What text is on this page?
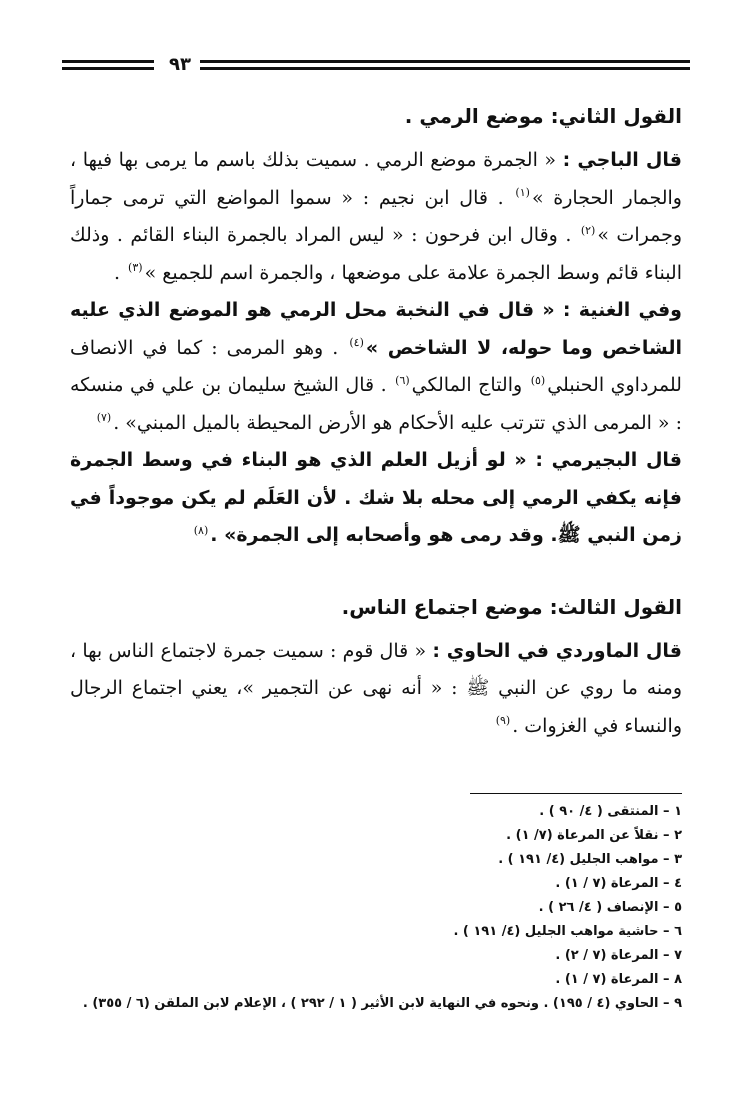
٩٣

القول الثاني: موضع الرمي .

قال الباجي : « الجمرة موضع الرمي . سميت بذلك باسم ما يرمى بها فيها ، والجمار الحجارة »$^{(١)}$ . قال ابن نجيم : « سموا المواضع التي ترمى جماراً وجمرات »$^{(٢)}$ . وقال ابن فرحون : « ليس المراد بالجمرة البناء القائم . وذلك البناء قائم وسط الجمرة علامة على موضعها ، والجمرة اسم للجميع »$^{(٣)}$ .

وفي الغنية : « قال في النخبة محل الرمي هو الموضع الذي عليه الشاخص وما حوله، لا الشاخص »$^{(٤)}$ . وهو المرمى : كما في الانصاف للمرداوي الحنبلي$^{(٥)}$ والتاج المالكي$^{(٦)}$ . قال الشيخ سليمان بن علي في منسكه : « المرمى الذي تترتب عليه الأحكام هو الأرض المحيطة بالميل المبني» .$^{(٧)}$

قال البجيرمي : « لو أزيل العلم الذي هو البناء في وسط الجمرة فإنه يكفي الرمي إلى محله بلا شك . لأن العَلَم لم يكن موجوداً في زمن النبي ﷺ. وقد رمى هو وأصحابه إلى الجمرة» .$^{(٨)}$

القول الثالث: موضع اجتماع الناس.

قال الماوردي في الحاوي : « قال قوم : سميت جمرة لاجتماع الناس بها ، ومنه ما روي عن النبي ﷺ : « أنه نهى عن التجمير »، يعني اجتماع الرجال والنساء في الغزوات .$^{(٩)}$

١ – المنتقى ( ٤/ ٩٠ ) .
٢ – نقلاً عن المرعاة (٧/ ١) .
٣ – مواهب الجليل (٤/ ١٩١ ) .
٤ – المرعاة (٧ / ١) .
٥ – الإنصاف ( ٤/ ٢٦ ) .
٦ – حاشية مواهب الجليل (٤/ ١٩١ ) .
٧ – المرعاة (٧ / ٢) .
٨ – المرعاة (٧ / ١) .
٩ – الحاوي (٤ / ١٩٥) . ونحوه في النهاية لابن الأثير ( ١ / ٢٩٢ ) ، الإعلام لابن الملقن (٦ / ٣٥٥) .
